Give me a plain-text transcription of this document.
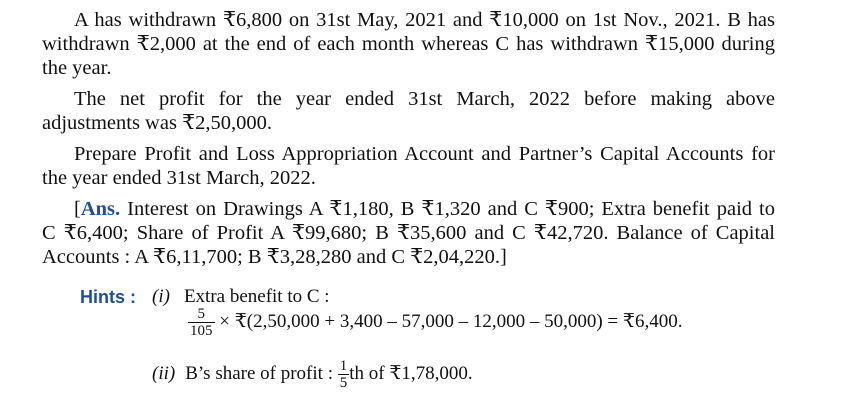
A has withdrawn ₹6,800 on 31st May, 2021 and ₹10,000 on 1st Nov., 2021. B has
withdrawn ₹2,000 at the end of each month whereas C has withdrawn ₹15,000 during
the year.
The net profit for the year ended 31st March, 2022 before making above
adjustments was ₹2,50,000.
Prepare Profit and Loss Appropriation Account and Partner’s Capital Accounts for
the year ended 31st March, 2022.
[Ans. Interest on Drawings A ₹1,180, B ₹1,320 and C ₹900; Extra benefit paid to
C ₹6,400; Share of Profit A ₹99,680; B ₹35,600 and C ₹42,720. Balance of Capital
Accounts : A ₹6,11,700; B ₹3,28,280 and C ₹2,04,220.]
Hints : (i) Extra benefit to C :
$\frac{5}{105}$ × ₹(2,50,000 + 3,400 – 57,000 – 12,000 – 50,000) = ₹6,400.
(ii) B’s share of profit : $\frac{1}{5}$ th of ₹1,78,000.
